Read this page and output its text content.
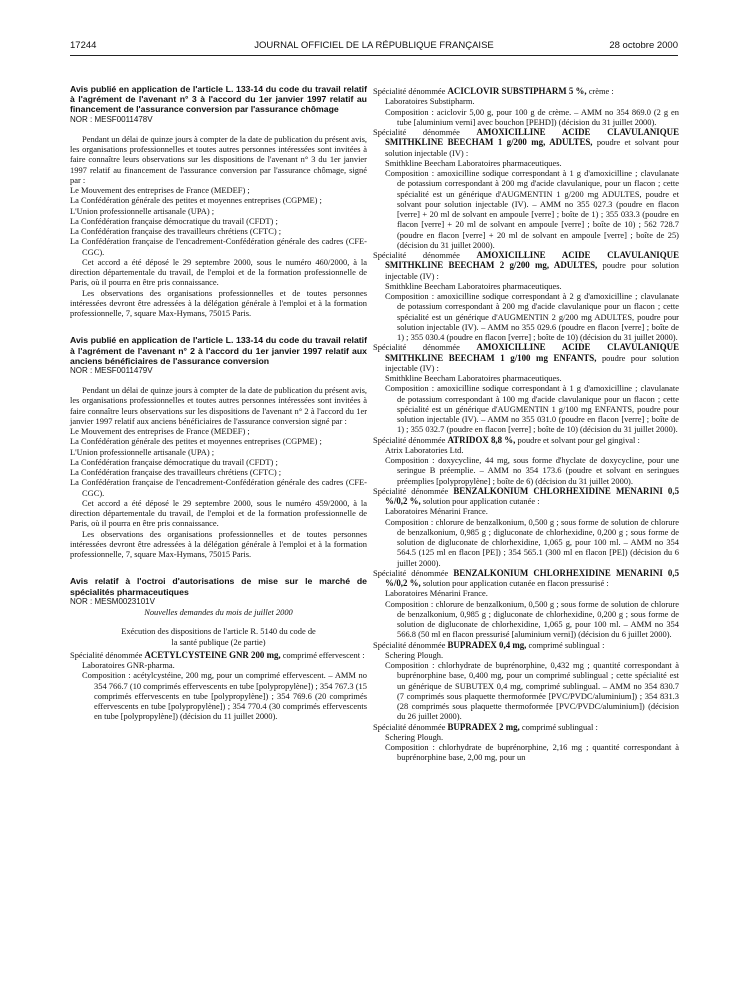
17244	JOURNAL OFFICIEL DE LA RÉPUBLIQUE FRANÇAISE	28 octobre 2000

Avis publié en application de l'article L. 133-14 du code du travail relatif à l'agrément de l'avenant n° 3 à l'accord du 1er janvier 1997 relatif au financement de l'assurance conversion par l'assurance chômage

NOR : MESF0011478V

Pendant un délai de quinze jours à compter de la date de publication du présent avis, les organisations professionnelles et toutes autres personnes intéressées sont invitées à faire connaître leurs observations sur les dispositions de l'avenant n° 3 du 1er janvier 1997 relatif au financement de l'assurance conversion par l'assurance chômage, signé par :

Le Mouvement des entreprises de France (MEDEF) ;

La Confédération générale des petites et moyennes entreprises (CGPME) ;

L'Union professionnelle artisanale (UPA) ;

La Confédération française démocratique du travail (CFDT) ;

La Confédération française des travailleurs chrétiens (CFTC) ;

La Confédération française de l'encadrement-Confédération générale des cadres (CFE-CGC).

Cet accord a été déposé le 29 septembre 2000, sous le numéro 460/2000, à la direction départementale du travail, de l'emploi et de la formation professionnelle de Paris, où il pourra en être pris connaissance.

Les observations des organisations professionnelles et de toutes personnes intéressées devront être adressées à la délégation générale à l'emploi et à la formation professionnelle, 7, square Max-Hymans, 75015 Paris.

Avis publié en application de l'article L. 133-14 du code du travail relatif à l'agrément de l'avenant n° 2 à l'accord du 1er janvier 1997 relatif aux anciens bénéficiaires de l'assurance conversion

NOR : MESF0011479V

Pendant un délai de quinze jours à compter de la date de publication du présent avis, les organisations professionnelles et toutes autres personnes intéressées sont invitées à faire connaître leurs observations sur les dispositions de l'avenant n° 2 à l'accord du 1er janvier 1997 relatif aux anciens bénéficiaires de l'assurance conversion signé par :

Le Mouvement des entreprises de France (MEDEF) ;

La Confédération générale des petites et moyennes entreprises (CGPME) ;

L'Union professionnelle artisanale (UPA) ;

La Confédération française démocratique du travail (CFDT) ;

La Confédération française des travailleurs chrétiens (CFTC) ;

La Confédération française de l'encadrement-Confédération générale des cadres (CFE-CGC).

Cet accord a été déposé le 29 septembre 2000, sous le numéro 459/2000, à la direction départementale du travail, de l'emploi et de la formation professionnelle de Paris, où il pourra en être pris connaissance.

Les observations des organisations professionnelles et de toutes personnes intéressées devront être adressées à la délégation générale à l'emploi et à la formation professionnelle, 7, square Max-Hymans, 75015 Paris.

Avis relatif à l'octroi d'autorisations de mise sur le marché de spécialités pharmaceutiques

NOR : MESM0023101V

Nouvelles demandes du mois de juillet 2000

Exécution des dispositions de l'article R. 5140 du code de la santé publique (2e partie)

Spécialité dénommée ACETYLCYSTEINE GNR 200 mg, comprimé effervescent :

Laboratoires GNR-pharma.

Composition : acétylcystéine, 200 mg, pour un comprimé effervescent. – AMM no 354 766.7 (10 comprimés effervescents en tube [polypropylène]) ; 354 767.3 (15 comprimés effervescents en tube [polypropylène]) ; 354 769.6 (20 comprimés effervescents en tube [polypropylène]) ; 354 770.4 (30 comprimés effervescents en tube [polypropylène]) (décision du 11 juillet 2000).

Spécialité dénommée ACICLOVIR SUBSTIPHARM 5 %, crème :

Laboratoires Substipharm.

Composition : aciclovir 5,00 g, pour 100 g de crème. – AMM no 354 869.0 (2 g en tube [aluminium verni] avec bouchon [PEHD]) (décision du 31 juillet 2000).

Spécialité dénommée AMOXICILLINE ACIDE CLAVULANIQUE SMITHKLINE BEECHAM 1 g/200 mg, ADULTES, poudre et solvant pour solution injectable (IV) :

Smithkline Beecham Laboratoires pharmaceutiques.

Composition : amoxicilline sodique correspondant à 1 g d'amoxicilline ; clavulanate de potassium correspondant à 200 mg d'acide clavulanique, pour un flacon ; cette spécialité est un générique d'AUGMENTIN 1 g/200 mg ADULTES, poudre et solvant pour solution injectable (IV). – AMM no 355 027.3 (poudre en flacon [verre] + 20 ml de solvant en ampoule [verre] ; boîte de 1) ; 355 033.3 (poudre en flacon [verre] + 20 ml de solvant en ampoule [verre] ; boîte de 10) ; 562 728.7 (poudre en flacon [verre] + 20 ml de solvant en ampoule [verre] ; boîte de 25) (décision du 31 juillet 2000).

Spécialité dénommée AMOXICILLINE ACIDE CLAVULANIQUE SMITHKLINE BEECHAM 2 g/200 mg, ADULTES, poudre pour solution injectable (IV) :

Smithkline Beecham Laboratoires pharmaceutiques.

Composition : amoxicilline sodique correspondant à 2 g d'amoxicilline ; clavulanate de potassium correspondant à 200 mg d'acide clavulanique pour un flacon ; cette spécialité est un générique d'AUGMENTIN 2 g/200 mg ADULTES, poudre pour solution injectable (IV). – AMM no 355 029.6 (poudre en flacon [verre] ; boîte de 1) ; 355 030.4 (poudre en flacon [verre] ; boîte de 10) (décision du 31 juillet 2000).

Spécialité dénommée AMOXICILLINE ACIDE CLAVULANIQUE SMITHKLINE BEECHAM 1 g/100 mg ENFANTS, poudre pour solution injectable (IV) :

Smithkline Beecham Laboratoires pharmaceutiques.

Composition : amoxicilline sodique correspondant à 1 g d'amoxicilline ; clavulanate de potassium correspondant à 100 mg d'acide clavulanique pour un flacon ; cette spécialité est un générique d'AUGMENTIN 1 g/100 mg ENFANTS, poudre pour solution injectable (IV). – AMM no 355 031.0 (poudre en flacon [verre] ; boîte de 1) ; 355 032.7 (poudre en flacon [verre] ; boîte de 10) (décision du 31 juillet 2000).

Spécialité dénommée ATRIDOX 8,8 %, poudre et solvant pour gel gingival :

Atrix Laboratories Ltd.

Composition : doxycycline, 44 mg, sous forme d'hyclate de doxycycline, pour une seringue B préemplie. – AMM no 354 173.6 (poudre et solvant en seringues préemplies [polypropylène] ; boîte de 6) (décision du 31 juillet 2000).

Spécialité dénommée BENZALKONIUM CHLORHEXIDINE MENARINI 0,5 %/0,2 %, solution pour application cutanée :

Laboratoires Ménarini France.

Composition : chlorure de benzalkonium, 0,500 g ; sous forme de solution de chlorure de benzalkonium, 0,985 g ; digluconate de chlorhexidine, 0,200 g ; sous forme de solution de digluconate de chlorhexidine, 1,065 g, pour 100 ml. – AMM no 354 564.5 (125 ml en flacon [PE]) ; 354 565.1 (300 ml en flacon [PE]) (décision du 6 juillet 2000).

Spécialité dénommée BENZALKONIUM CHLORHEXIDINE MENARINI 0,5 %/0,2 %, solution pour application cutanée en flacon pressurisé :

Laboratoires Ménarini France.

Composition : chlorure de benzalkonium, 0,500 g ; sous forme de solution de chlorure de benzalkonium, 0,985 g ; digluconate de chlorhexidine, 0,200 g ; sous forme de solution de digluconate de chlorhexidine, 1,065 g, pour 100 ml. – AMM no 354 566.8 (50 ml en flacon pressurisé [aluminium verni]) (décision du 6 juillet 2000).

Spécialité dénommée BUPRADEX 0,4 mg, comprimé sublingual :

Schering Plough.

Composition : chlorhydrate de buprénorphine, 0,432 mg ; quantité correspondant à buprénorphine base, 0,400 mg, pour un comprimé sublingual ; cette spécialité est un générique de SUBUTEX 0,4 mg, comprimé sublingual. – AMM no 354 830.7 (7 comprimés sous plaquette thermoformée [PVC/PVDC/aluminium]) ; 354 831.3 (28 comprimés sous plaquette thermoformée [PVC/PVDC/aluminium]) (décision du 26 juillet 2000).

Spécialité dénommée BUPRADEX 2 mg, comprimé sublingual :

Schering Plough.

Composition : chlorhydrate de buprénorphine, 2,16 mg ; quantité correspondant à buprénorphine base, 2,00 mg, pour un
